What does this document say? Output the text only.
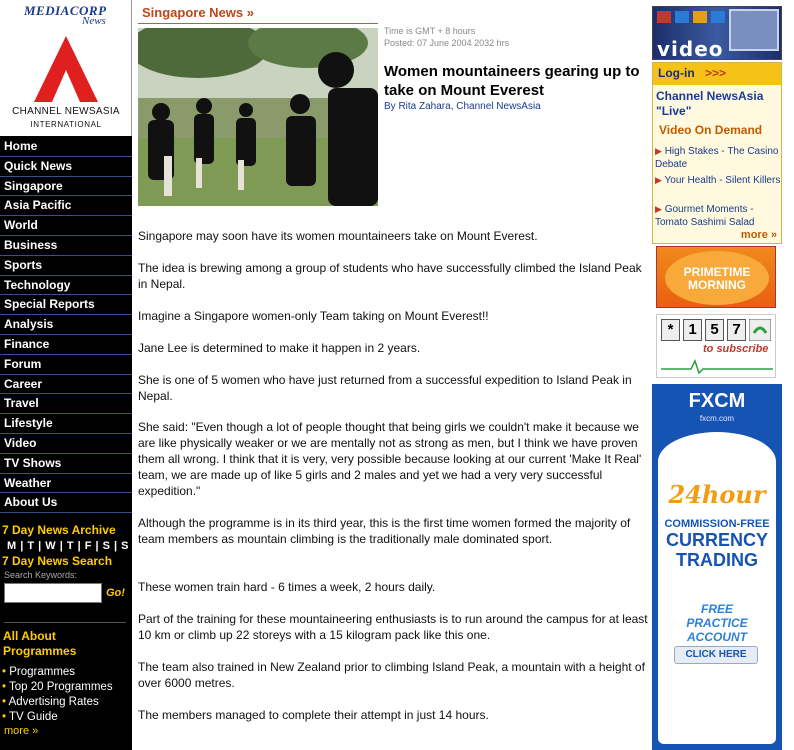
MEDIACORP
News
CHANNEL NEWSASIA
INTERNATIONAL
Home
Quick News
Singapore
Asia Pacific
World
Business
Sports
Technology
Special Reports
Analysis
Finance
Forum
Career
Travel
Lifestyle
Video
TV Shows
Weather
About Us
7 Day News Archive
M | T | W | T | F | S | S
7 Day News Search
Search Keywords:
Go!
All About
Programmes
• Programmes
• Top 20 Programmes
• Advertising Rates
• TV Guide
more »
Singapore News »
Time is GMT + 8 hours
Posted: 07 June 2004 2032 hrs
Women mountaineers gearing up to take on Mount Everest
By Rita Zahara, Channel NewsAsia
Singapore may soon have its women mountaineers take on Mount Everest.
The idea is brewing among a group of students who have successfully climbed the Island Peak in Nepal.
Imagine a Singapore women-only Team taking on Mount Everest!!
Jane Lee is determined to make it happen in 2 years.
She is one of 5 women who have just returned from a successful expedition to Island Peak in Nepal.
She said: "Even though a lot of people thought that being girls we couldn't make it because we are like physically weaker or we are mentally not as strong as men, but I think we have proven them all wrong. I think that it is very, very possible because looking at our current 'Make It Real' team, we are made up of like 5 girls and 2 males and yet we had a very very successful expedition."
Although the programme is in its third year, this is the first time women formed the majority of team members as mountain climbing is the traditionally male dominated sport.
These women train hard - 6 times a week, 2 hours daily.
Part of the training for these mountaineering enthusiasts is to run around the campus for at least 10 km or climb up 22 storeys with a 15 kilogram pack like this one.
The team also trained in New Zealand prior to climbing Island Peak, a mountain with a height of over 6000 metres.
The members managed to complete their attempt in just 14 hours.
video
Log-in >>>
Channel NewsAsia
"Live"
Video On Demand
▶ High Stakes - The Casino Debate
▶ Your Health - Silent Killers
▶ Gourmet Moments - Tomato Sashimi Salad
more »
PRIMETIME
MORNING
* 1 5 7
to subscribe
FXCM
fxcm.com
24hour
COMMISSION-FREE
CURRENCY
TRADING
FREE
PRACTICE
ACCOUNT
CLICK HERE
